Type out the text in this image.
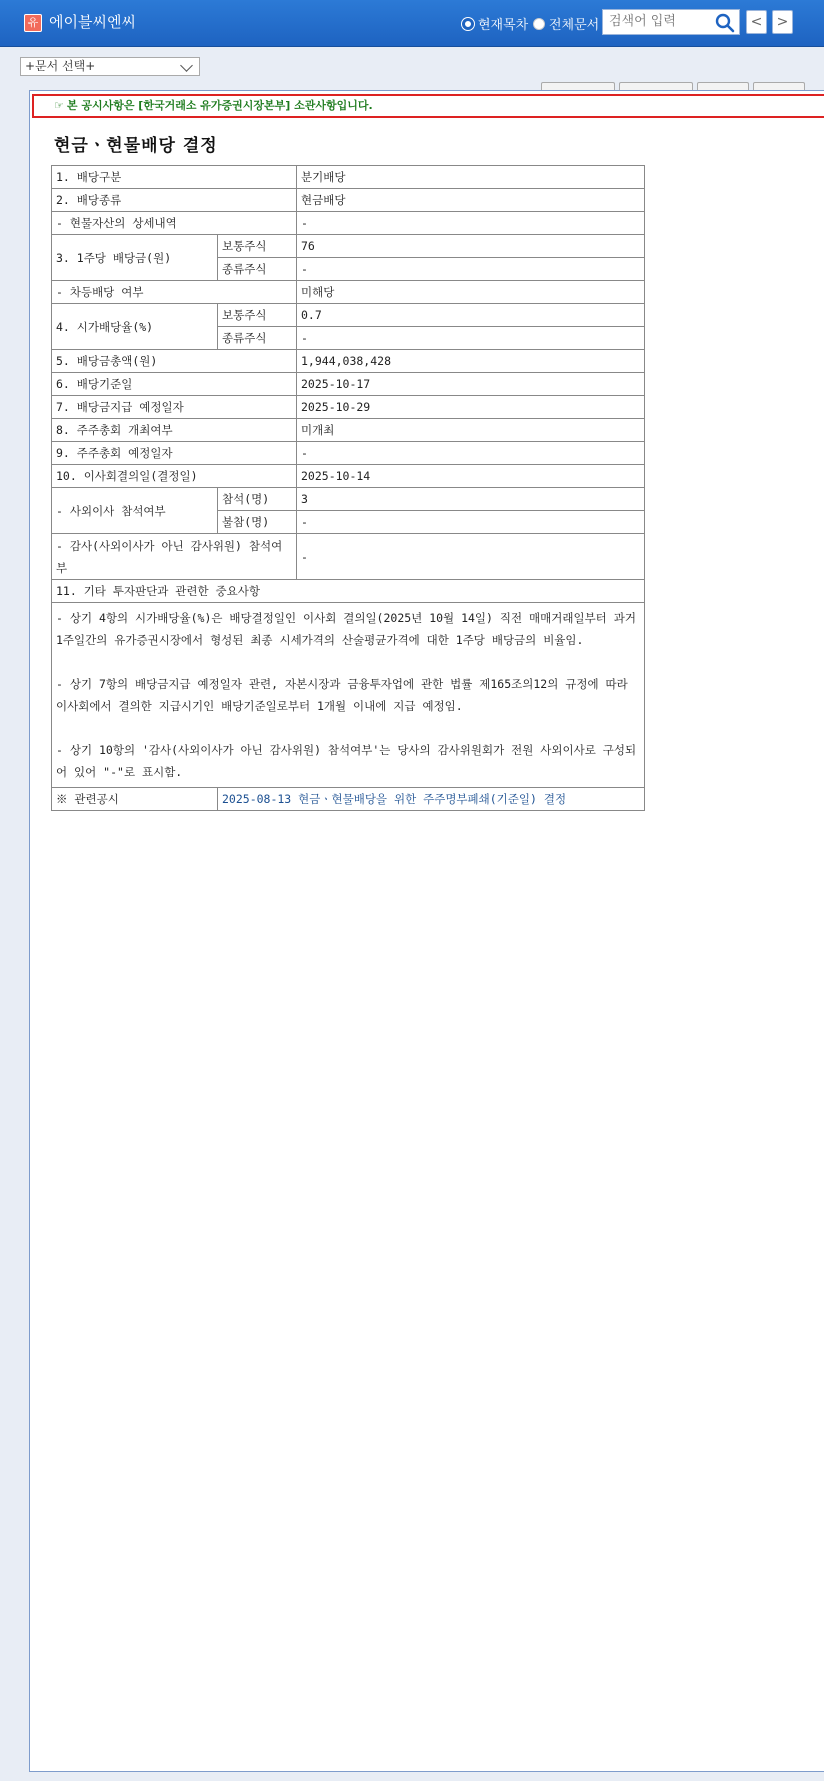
유 에이블씨엔씨	현재목차 전체문서
검색어 입력	<	>
+문서 선택+
☞ 본 공시사항은 [한국거래소 유가증권시장본부] 소관사항입니다.
현금ㆍ현물배당 결정
1. 배당구분		분기배당
2. 배당종류		현금배당
- 현물자산의 상세내역		-
3. 1주당 배당금(원)	보통주식	76
	종류주식	-
- 차등배당 여부		미해당
4. 시가배당율(%)	보통주식	0.7
	종류주식	-
5. 배당금총액(원)		1,944,038,428
6. 배당기준일		2025-10-17
7. 배당금지급 예정일자		2025-10-29
8. 주주총회 개최여부		미개최
9. 주주총회 예정일자		-
10. 이사회결의일(결정일)		2025-10-14
- 사외이사 참석여부	참석(명)	3
	불참(명)	-
- 감사(사외이사가 아닌 감사위원) 참석여부		-
11. 기타 투자판단과 관련한 중요사항		

- 상기 4항의 시가배당율(%)은 배당결정일인 이사회 결의일(2025년 10월 14일) 직전 매매거래일부터 과거 1주일간의 유가증권시장에서 형성된 최종 시세가격의 산술평균가격에 대한 1주당 배당금의 비율임.

- 상기 7항의 배당금지급 예정일자 관련, 자본시장과 금융투자업에 관한 법률 제165조의12의 규정에 따라 이사회에서 결의한 지급시기인 배당기준일로부터 1개월 이내에 지급 예정임.

- 상기 10항의 '감사(사외이사가 아닌 감사위원) 참석여부'는 당사의 감사위원회가 전원 사외이사로 구성되어 있어 "-"로 표시함.		

※ 관련공시	2025-08-13 현금ㆍ현물배당을 위한 주주명부폐쇄(기준일) 결정	
